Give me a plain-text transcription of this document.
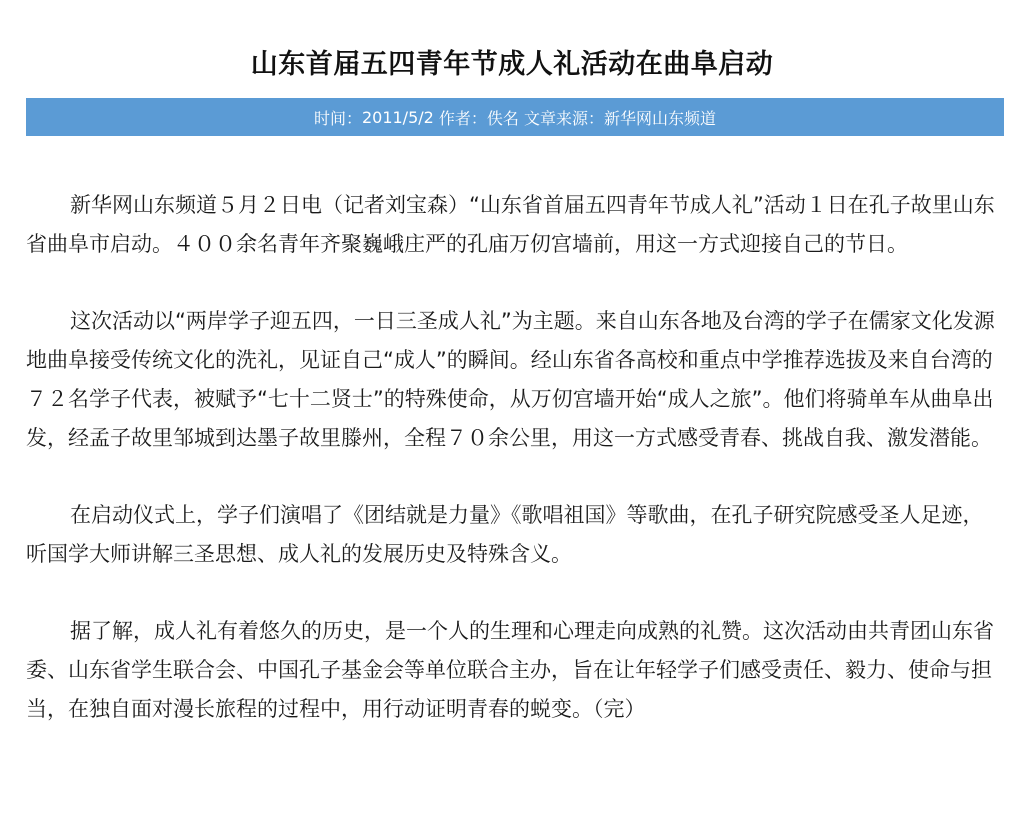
山东首届五四青年节成人礼活动在曲阜启动
时间： 2011/5/2
作者： 佚名
文章来源： 新华网山东频道

新华网山东频道５月２日电（记者刘宝森）“山东省首届五四青年节成人礼”活动１日在孔子故里山东省曲阜市启动。４００余名青年齐聚巍峨庄严的孔庙万仞宫墙前，用这一方式迎接自己的节日。

这次活动以“两岸学子迎五四，一日三圣成人礼”为主题。来自山东各地及台湾的学子在儒家文化发源地曲阜接受传统文化的洗礼，见证自己“成人”的瞬间。经山东省各高校和重点中学推荐选拔及来自台湾的７２名学子代表，被赋予“七十二贤士”的特殊使命，从万仞宫墙开始“成人之旅”。他们将骑单车从曲阜出发，经孟子故里邹城到达墨子故里滕州，全程７０余公里，用这一方式感受青春、挑战自我、激发潜能。

在启动仪式上，学子们演唱了《团结就是力量》《歌唱祖国》等歌曲，在孔子研究院感受圣人足迹，听国学大师讲解三圣思想、成人礼的发展历史及特殊含义。

据了解，成人礼有着悠久的历史，是一个人的生理和心理走向成熟的礼赞。这次活动由共青团山东省委、山东省学生联合会、中国孔子基金会等单位联合主办，旨在让年轻学子们感受责任、毅力、使命与担当，在独自面对漫长旅程的过程中，用行动证明青春的蜕变。（完）
